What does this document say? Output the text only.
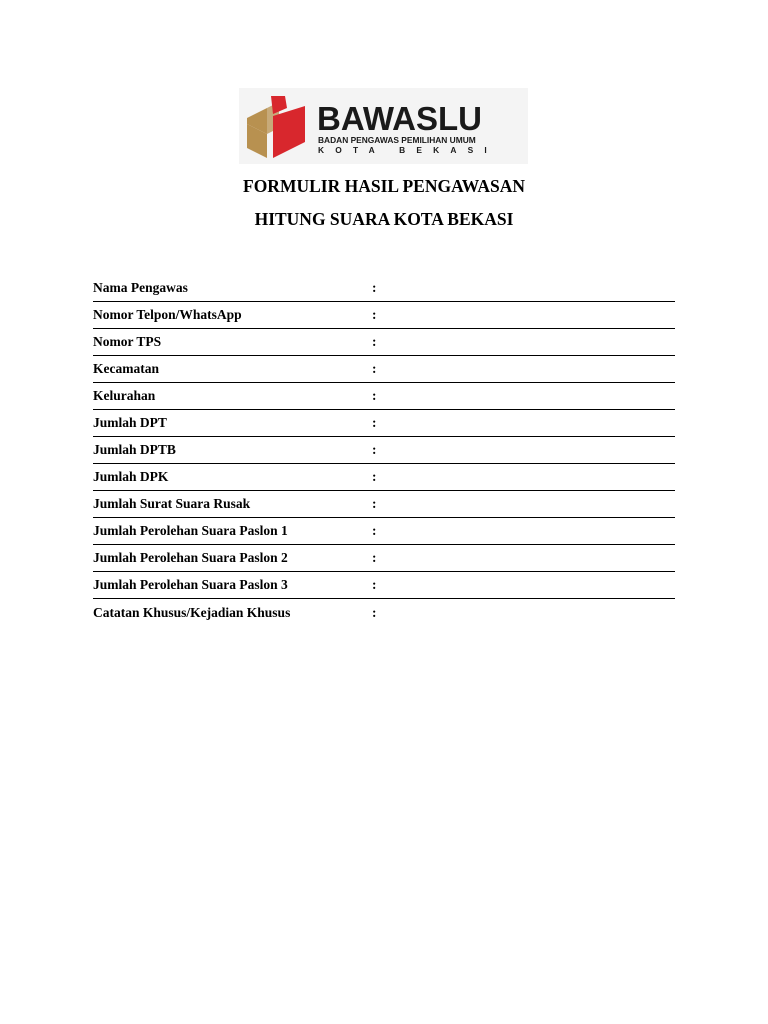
BAWASLU
BADAN PENGAWAS PEMILIHAN UMUM
KOTA BEKASI
FORMULIR HASIL PENGAWASAN
HITUNG SUARA KOTA BEKASI
Nama Pengawas	:
Nomor Telpon/WhatsApp	:
Nomor TPS	:
Kecamatan	:
Kelurahan	:
Jumlah DPT	:
Jumlah DPTB	:
Jumlah DPK	:
Jumlah Surat Suara Rusak	:
Jumlah Perolehan Suara Paslon 1	:
Jumlah Perolehan Suara Paslon 2	:
Jumlah Perolehan Suara Paslon 3	:
Catatan Khusus/Kejadian Khusus	:
